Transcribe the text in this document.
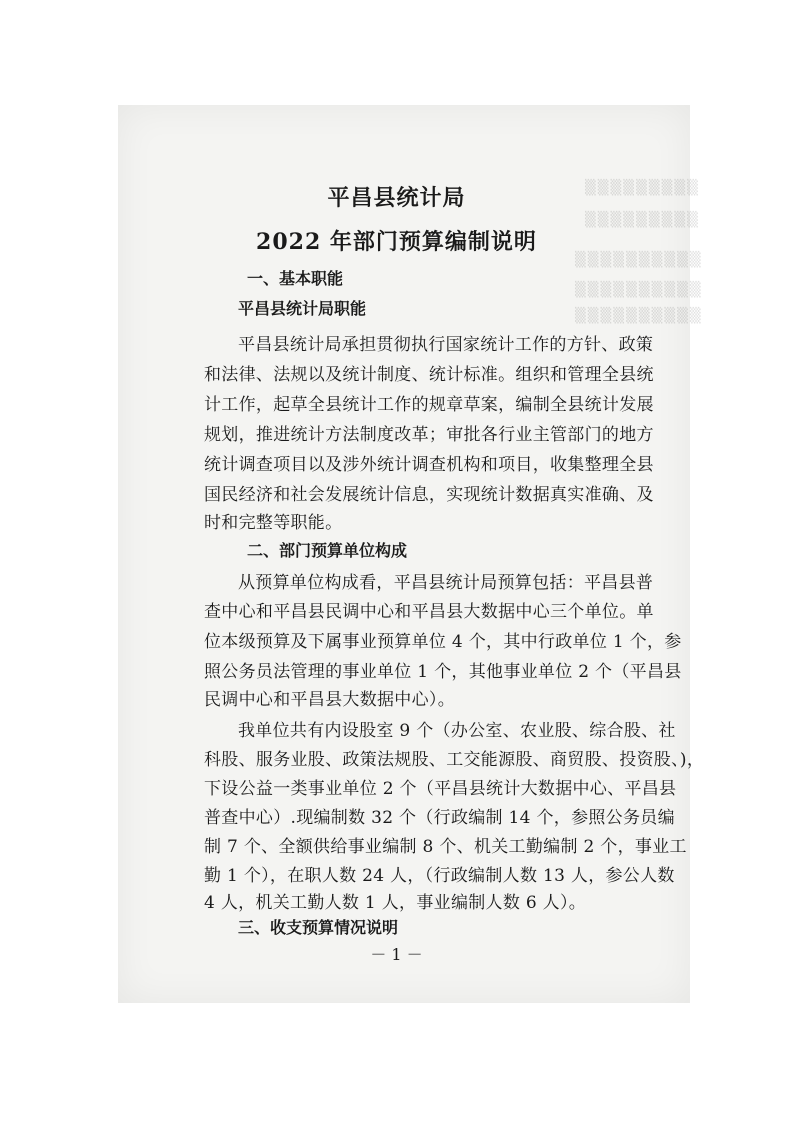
▒▒▒▒▒▒▒▒▒
▒▒▒▒▒▒▒▒▒
▒▒▒▒▒▒▒▒▒▒
▒▒▒▒▒▒▒▒▒▒
▒▒▒▒▒▒▒▒▒▒
平昌县统计局
2022 年部门预算编制说明
一、基本职能
平昌县统计局职能
平昌县统计局承担贯彻执行国家统计工作的方针、政策
和法律、法规以及统计制度、统计标准。组织和管理全县统
计工作，起草全县统计工作的规章草案，编制全县统计发展
规划，推进统计方法制度改革；审批各行业主管部门的地方
统计调查项目以及涉外统计调查机构和项目，收集整理全县
国民经济和社会发展统计信息，实现统计数据真实准确、及
时和完整等职能。
二、部门预算单位构成
从预算单位构成看，平昌县统计局预算包括：平昌县普
查中心和平昌县民调中心和平昌县大数据中心三个单位。单
位本级预算及下属事业预算单位 4 个，其中行政单位 1 个，参
照公务员法管理的事业单位 1 个，其他事业单位 2 个（平昌县
民调中心和平昌县大数据中心）。
我单位共有内设股室 9 个（办公室、农业股、综合股、社
科股、服务业股、政策法规股、工交能源股、商贸股、投资股、)，
下设公益一类事业单位 2 个（平昌县统计大数据中心、平昌县
普查中心）.现编制数 32 个（行政编制 14 个，参照公务员编
制 7 个、全额供给事业编制 8 个、机关工勤编制 2 个，事业工
勤 1 个），在职人数 24 人，（行政编制人数 13 人，参公人数
4 人，机关工勤人数 1 人，事业编制人数 6 人）。
三、收支预算情况说明
－ 1 －
